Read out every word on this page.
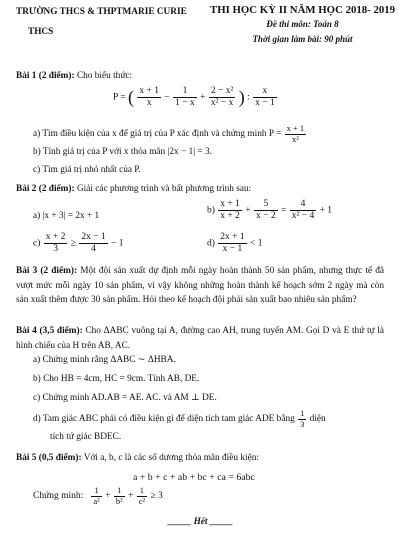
TRƯỜNG THCS & THPTMARIE CURIE
THCS
THI HỌC KỲ II NĂM HỌC 2018- 2019
Đề thi môn: Toán 8
Thời gian làm bài: 90 phút
Bài 1 (2 điểm): Cho biểu thức:
P = ( $\frac{x + 1}{x} - \frac{1}{1 - x} + \frac{\text{2 − x²}}{\text{x² − x}}$ ) : $\frac{x}{x - 1}$
a) Tìm điều kiện của x để giá trị của P xác định và chứng minh $P = \frac{x + 1}{\text{x²}}$
b) Tính giá trị của P với x thỏa mãn |2x − 1| = 3.
c) Tìm giá trị nhỏ nhất của P.
Bài 2 (2 điểm): Giải các phương trình và bất phương trình sau:
a) |x + 3| = 2x + 1
$b) \frac{x + 1}{x + 2} + \frac{5}{x - 2} = \frac{4}{\text{x² − 4}} + 1$
$c) \frac{x + 2}{3} \ge \frac{2x - 1}{4} - 1$	$d) \frac{2x + 1}{x - 1} < 1$
Bài 3 (2 điểm): Một đội sản xuất dự định mỗi ngày hoàn thành 50 sản phẩm, nhưng thực tế đã vượt mức mỗi ngày 10 sản phẩm, vì vậy không những hoàn thành kế hoạch sớm 2 ngày mà còn sản xuất thêm được 30 sản phẩm. Hỏi theo kế hoạch đội phải sản xuất bao nhiêu sản phẩm?
Bài 4 (3,5 điểm): Cho ΔABC vuông tại A, đường cao AH, trung tuyến AM. Gọi D và E thứ tự là hình chiếu của H trên AB, AC.
a) Chứng minh rằng ΔABC ∼ ΔHBA.
b) Cho HB = 4cm, HC = 9cm. Tính AB, DE.
c) Chứng minh AD.AB = AE. AC. và AM ⊥ DE.
d) Tam giác ABC phải có điều kiện gì để diện tích tam giác ADE bằng $\frac{1}{3}$ diện
tích tứ giác BDEC.
Bài 5 (0,5 điểm): Với a, b, c là các số dương thỏa mãn điều kiện:
a + b + c + ab + bc + ca = 6abc
Chứng minh: $\frac{1}{\text{a²}} + \frac{1}{\text{b²}} + \frac{1}{\text{c²}} \ge 3$
_____ Hết _____
